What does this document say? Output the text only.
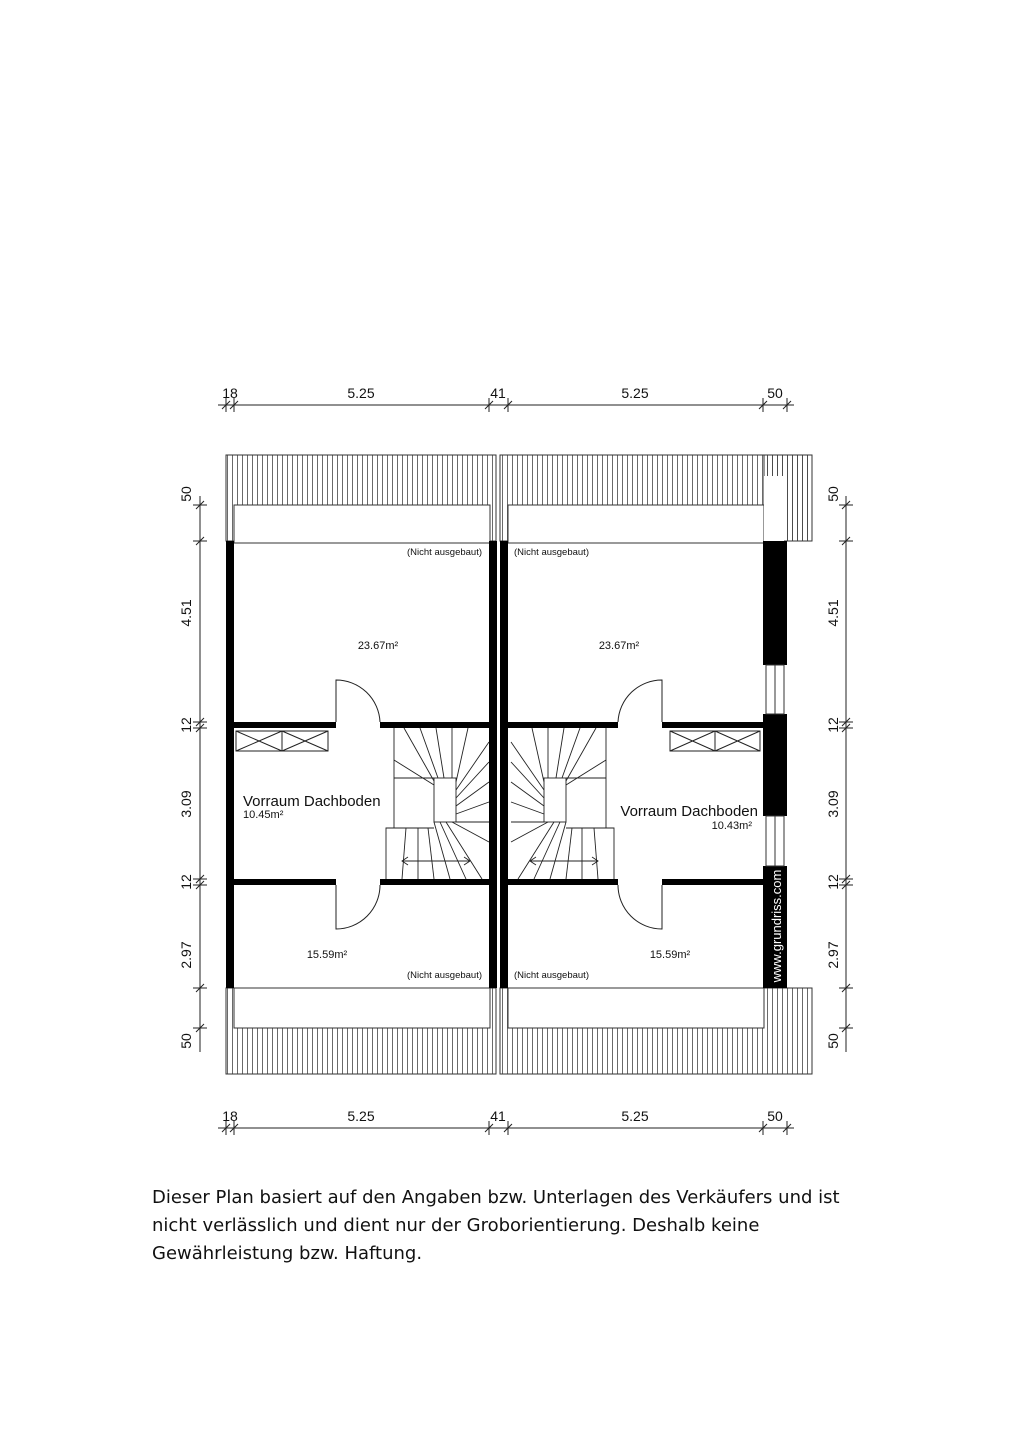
18	5.25	41	5.25	50
18	5.25	41	5.25	50
50
4.51
12
3.09
12
2.97
50
50
4.51
12
3.09
12
2.97
50
(Nicht ausgebaut)
23.67m²
(Nicht ausgebaut)
23.67m²
Vorraum Dachboden
10.45m²	Vorraum Dachboden
10.43m²
15.59m²
(Nicht ausgebaut)
15.59m²
(Nicht ausgebaut)	www.grundriss.com
Dieser Plan basiert auf den Angaben bzw. Unterlagen des Verkäufers und ist nicht verlässlich und dient nur der Groborientierung. Deshalb keine Gewährleistung bzw. Haftung.
